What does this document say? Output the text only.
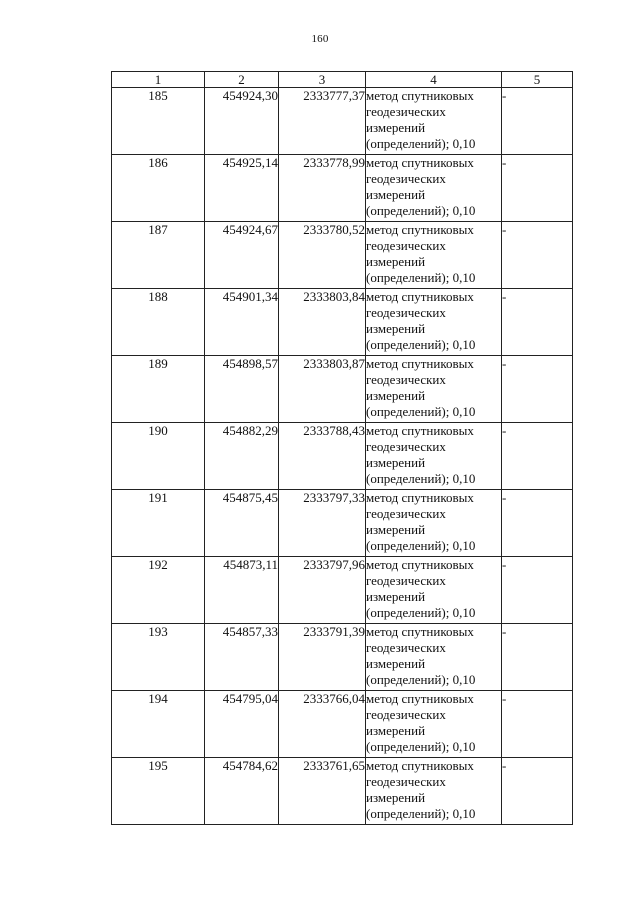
160
1	2	3	4	5
185	454924,30	2333777,37	метод спутниковых
геодезических
измерений
(определений); 0,10	-
186	454925,14	2333778,99	метод спутниковых
геодезических
измерений
(определений); 0,10	-
187	454924,67	2333780,52	метод спутниковых
геодезических
измерений
(определений); 0,10	-
188	454901,34	2333803,84	метод спутниковых
геодезических
измерений
(определений); 0,10	-
189	454898,57	2333803,87	метод спутниковых
геодезических
измерений
(определений); 0,10	-
190	454882,29	2333788,43	метод спутниковых
геодезических
измерений
(определений); 0,10	-
191	454875,45	2333797,33	метод спутниковых
геодезических
измерений
(определений); 0,10	-
192	454873,11	2333797,96	метод спутниковых
геодезических
измерений
(определений); 0,10	-
193	454857,33	2333791,39	метод спутниковых
геодезических
измерений
(определений); 0,10	-
194	454795,04	2333766,04	метод спутниковых
геодезических
измерений
(определений); 0,10	-
195	454784,62	2333761,65	метод спутниковых
геодезических
измерений
(определений); 0,10	-
